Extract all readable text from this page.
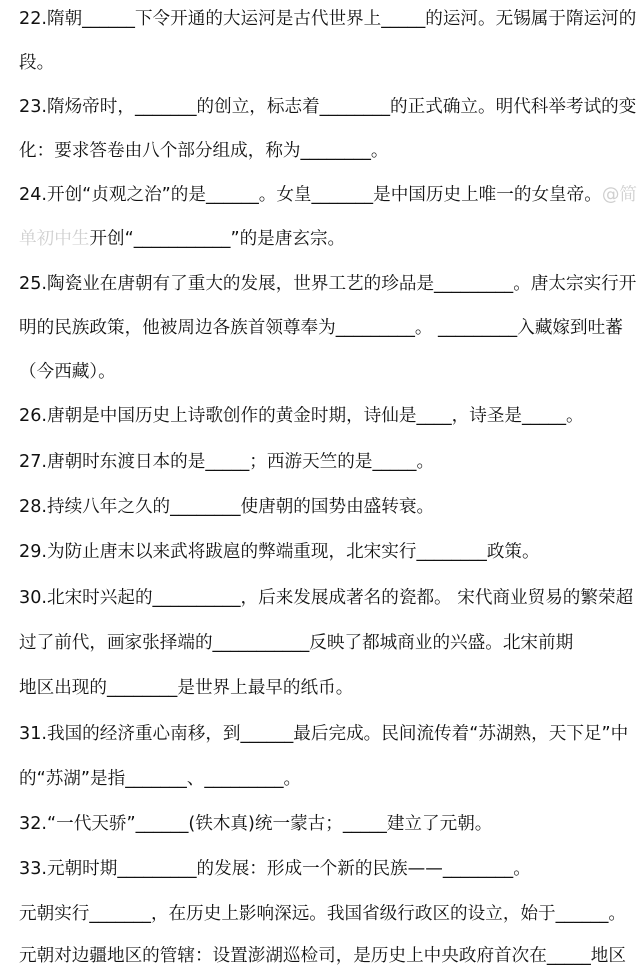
22.隋朝______下令开通的大运河是古代世界上_____的运河。无锡属于隋运河的
段。
23.隋炀帝时，_______的创立，标志着________的正式确立。明代科举考试的变
化：要求答卷由八个部分组成，称为________。
24.开创“贞观之治”的是______。女皇_______是中国历史上唯一的女皇帝。@简
单初中生开创“___________”的是唐玄宗。
25.陶瓷业在唐朝有了重大的发展，世界工艺的珍品是_________。唐太宗实行开
明的民族政策，他被周边各族首领尊奉为_________。 _________入藏嫁到吐蕃
（今西藏）。
26.唐朝是中国历史上诗歌创作的黄金时期，诗仙是____，诗圣是_____。
27.唐朝时东渡日本的是_____；西游天竺的是_____。
28.持续八年之久的________使唐朝的国势由盛转衰。
29.为防止唐末以来武将跋扈的弊端重现，北宋实行________政策。
30.北宋时兴起的__________，后来发展成著名的瓷都。 宋代商业贸易的繁荣超
过了前代，画家张择端的___________反映了都城商业的兴盛。北宋前期
地区出现的________是世界上最早的纸币。
31.我国的经济重心南移，到______最后完成。民间流传着“苏湖熟，天下足”中
的“苏湖”是指_______、_________。
32.“一代天骄”______(铁木真)统一蒙古；_____建立了元朝。
33.元朝时期_________的发展：形成一个新的民族——________。
元朝实行_______，在历史上影响深远。我国省级行政区的设立，始于______。
元朝对边疆地区的管辖：设置澎湖巡检司，是历史上中央政府首次在_____地区
